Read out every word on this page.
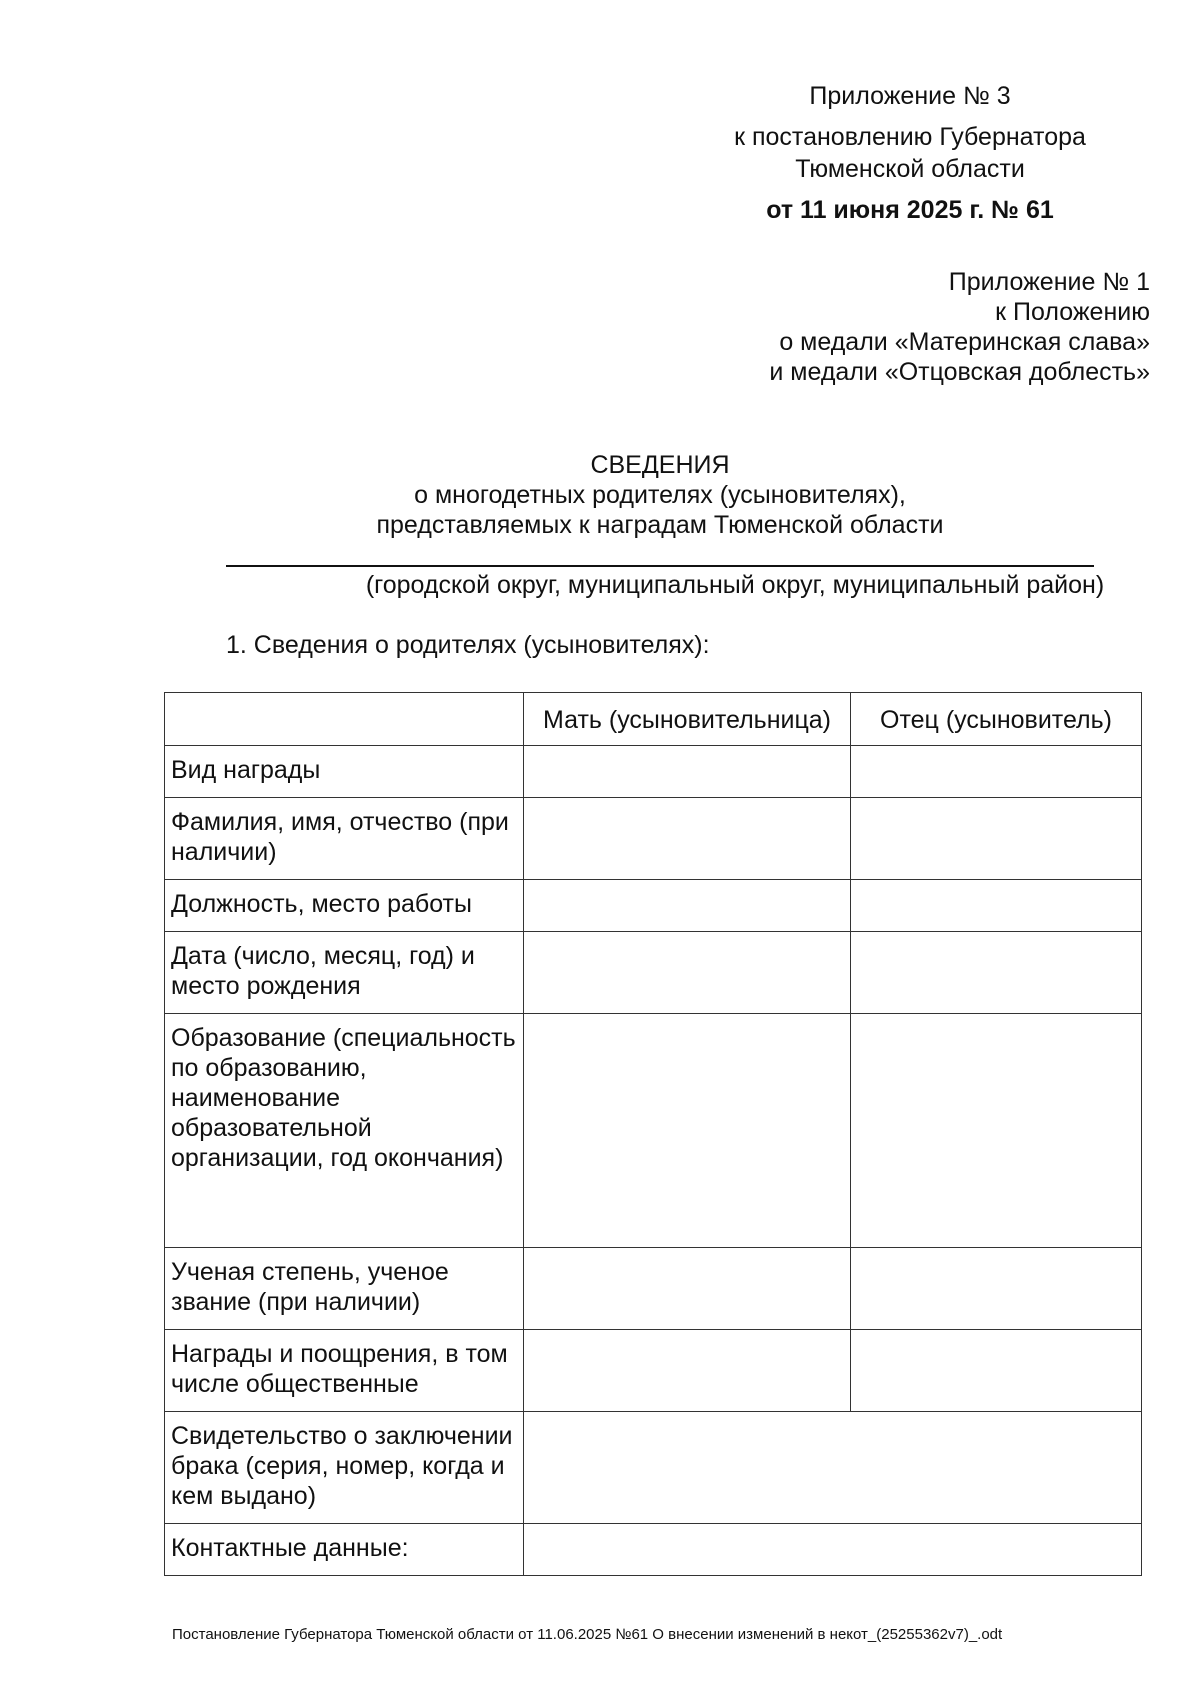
Приложение № 3
к постановлению Губернатора
Тюменской области
от 11 июня 2025 г. № 61
Приложение № 1
к Положению
о медали «Материнская слава»
и медали «Отцовская доблесть»
СВЕДЕНИЯ
о многодетных родителях (усыновителях),
представляемых к наградам Тюменской области
(городской округ, муниципальный округ, муниципальный район)
1. Сведения о родителях (усыновителях):
	Мать (усыновительница)	Отец (усыновитель)
Вид награды		
Фамилия, имя, отчество (при наличии)		
Должность, место работы		
Дата (число, месяц, год) и место рождения		
Образование (специальность по образованию, наименование образовательной организации, год окончания)		
Ученая степень, ученое звание (при наличии)		
Награды и поощрения, в том числе общественные		
Свидетельство о заключении брака (серия, номер, когда и кем выдано)		
Контактные данные:		
Постановление Губернатора Тюменской области от 11.06.2025 №61 О внесении изменений в некот_(25255362v7)_.odt
